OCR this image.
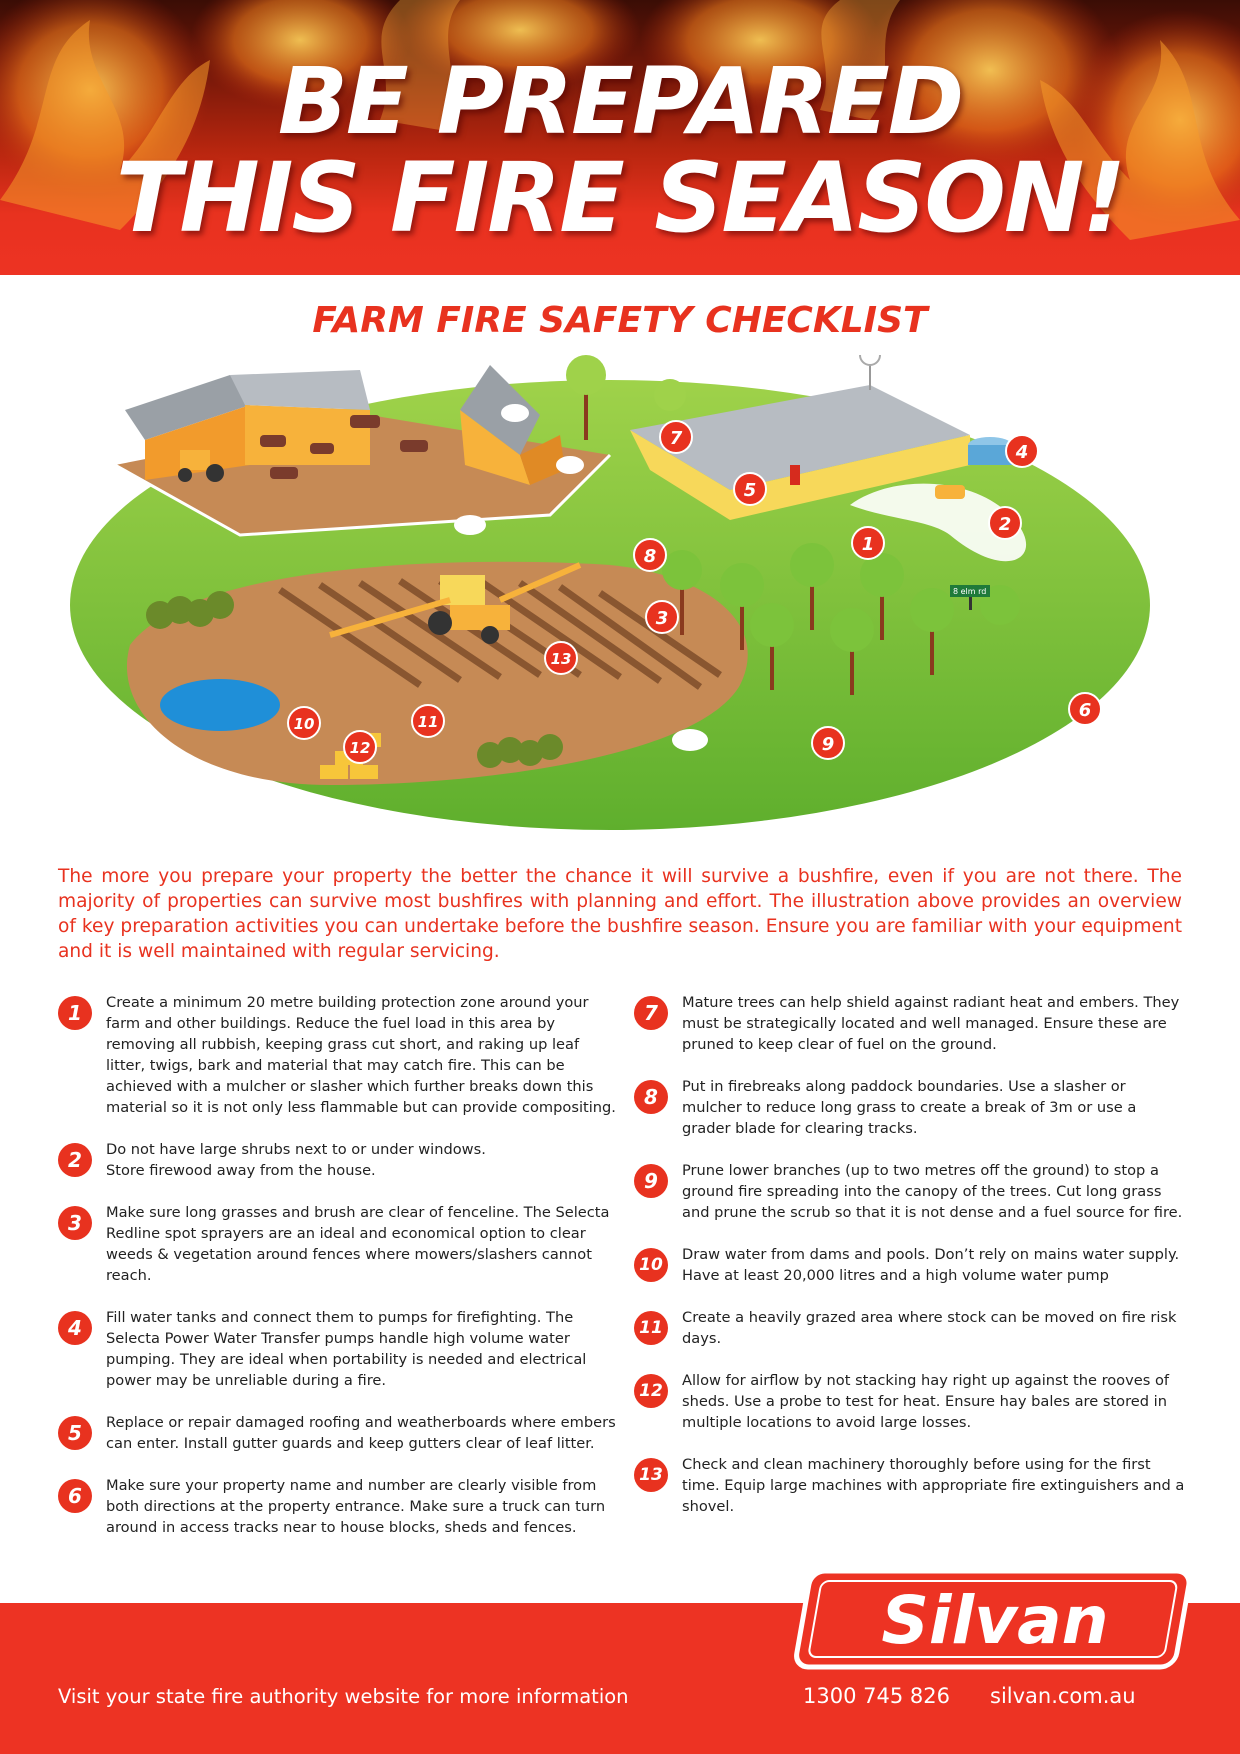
BE PREPARED
THIS FIRE SEASON!
FARM FIRE SAFETY CHECKLIST
8 elm rd
1
2
3
4
5
6
7
8
9
10	11
12
13
The more you prepare your property the better the chance it will survive a bushfire, even if you are not there. The majority of properties can survive most bushfires with planning and effort. The illustration above provides an overview of key preparation activities you can undertake before the bushfire season. Ensure you are familiar with your equipment and it is well maintained with regular servicing.
1	Create a minimum 20 metre building protection zone around your farm and other buildings. Reduce the fuel load in this area by removing all rubbish, keeping grass cut short, and raking up leaf litter, twigs, bark and material that may catch fire. This can be achieved with a mulcher or slasher which further breaks down this material so it is not only less flammable but can provide compositing.
2	Do not have large shrubs next to or under windows.
Store firewood away from the house.
3	Make sure long grasses and brush are clear of fenceline. The Selecta Redline spot sprayers are an ideal and economical option to clear weeds & vegetation around fences where mowers/slashers cannot reach.
4	Fill water tanks and connect them to pumps for firefighting. The Selecta Power Water Transfer pumps handle high volume water pumping. They are ideal when portability is needed and electrical power may be unreliable during a fire.
5	Replace or repair damaged roofing and weatherboards where embers can enter. Install gutter guards and keep gutters clear of leaf litter.
6	Make sure your property name and number are clearly visible from both directions at the property entrance. Make sure a truck can turn around in access tracks near to house blocks, sheds and fences.
7	Mature trees can help shield against radiant heat and embers. They must be strategically located and well managed. Ensure these are pruned to keep clear of fuel on the ground.
8	Put in firebreaks along paddock boundaries. Use a slasher or mulcher to reduce long grass to create a break of 3m or use a grader blade for clearing tracks.
9	Prune lower branches (up to two metres off the ground) to stop a ground fire spreading into the canopy of the trees. Cut long grass and prune the scrub so that it is not dense and a fuel source for fire.
10
Draw water from dams and pools. Don’t rely on mains water supply. Have at least 20,000 litres and a high volume water pump
11
Create a heavily grazed area where stock can be moved on fire risk days.
12
Allow for airflow by not stacking hay right up against the rooves of sheds. Use a probe to test for heat. Ensure hay bales are stored in multiple locations to avoid large losses.
13
Check and clean machinery thoroughly before using for the first time. Equip large machines with appropriate fire extinguishers and a shovel.
Silvan
Visit your state fire authority website for more information	1300 745 826 silvan.com.au
